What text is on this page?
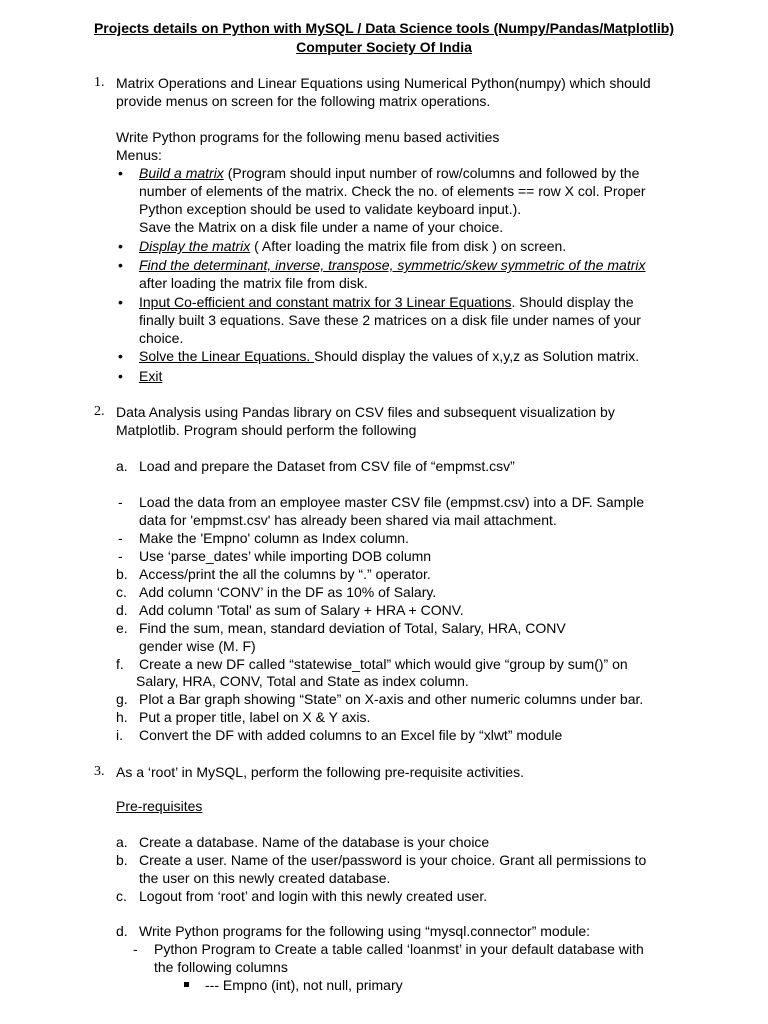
Projects details on Python with MySQL / Data Science tools (Numpy/Pandas/Matplotlib)
Computer Society Of India
1. Matrix Operations and Linear Equations using Numerical Python(numpy) which should
provide menus on screen for the following matrix operations.
Write Python programs for the following menu based activities
Menus:
• Build a matrix (Program should input number of row/columns and followed by the
number of elements of the matrix. Check the no. of elements == row X col. Proper
Python exception should be used to validate keyboard input.).
Save the Matrix on a disk file under a name of your choice.
• Display the matrix ( After loading the matrix file from disk ) on screen.
• Find the determinant, inverse, transpose, symmetric/skew symmetric of the matrix
after loading the matrix file from disk.
• Input Co-efficient and constant matrix for 3 Linear Equations. Should display the
finally built 3 equations. Save these 2 matrices on a disk file under names of your
choice.
• Solve the Linear Equations. Should display the values of x,y,z as Solution matrix.
• Exit
2. Data Analysis using Pandas library on CSV files and subsequent visualization by
Matplotlib. Program should perform the following
a. Load and prepare the Dataset from CSV file of “empmst.csv”
- Load the data from an employee master CSV file (empmst.csv) into a DF. Sample
data for 'empmst.csv' has already been shared via mail attachment.
- Make the 'Empno' column as Index column.
- Use ‘parse_dates’ while importing DOB column
b. Access/print the all the columns by “.” operator.
c. Add column ‘CONV’ in the DF as 10% of Salary.
d. Add column 'Total' as sum of Salary + HRA + CONV.
e. Find the sum, mean, standard deviation of Total, Salary, HRA, CONV
gender wise (M. F)
f. Create a new DF called “statewise_total” which would give “group by sum()” on
Salary, HRA, CONV, Total and State as index column.
g. Plot a Bar graph showing “State” on X-axis and other numeric columns under bar.
h. Put a proper title, label on X & Y axis.
i. Convert the DF with added columns to an Excel file by “xlwt” module
3. As a ‘root’ in MySQL, perform the following pre-requisite activities.
Pre-requisites
a. Create a database. Name of the database is your choice
b. Create a user. Name of the user/password is your choice. Grant all permissions to
the user on this newly created database.
c. Logout from ‘root’ and login with this newly created user.
d. Write Python programs for the following using “mysql.connector” module:
- Python Program to Create a table called ‘loanmst’ in your default database with
the following columns
--- Empno (int), not null, primary
